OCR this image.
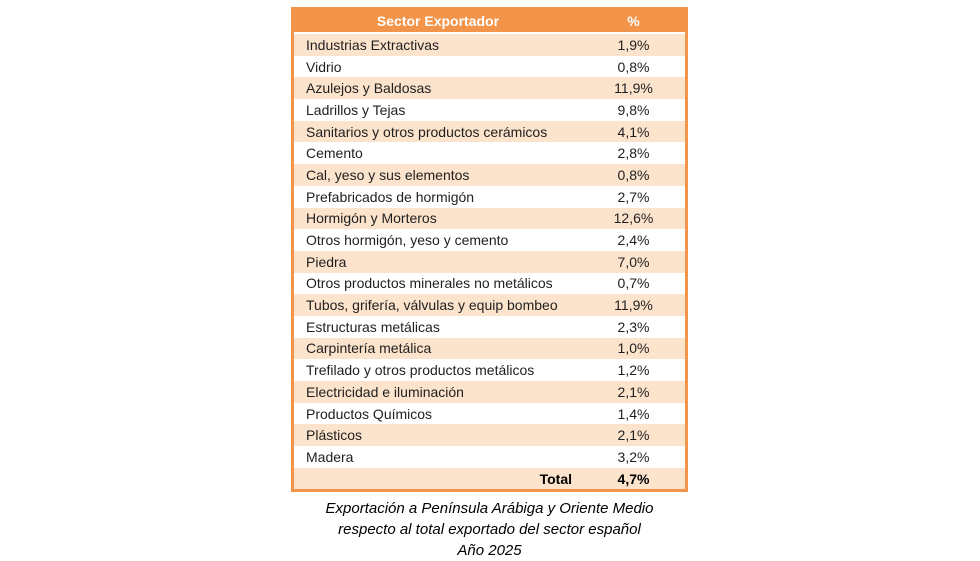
Sector Exportador	%
Industrias Extractivas	1,9%
Vidrio	0,8%
Azulejos y Baldosas	11,9%
Ladrillos y Tejas	9,8%
Sanitarios y otros productos cerámicos	4,1%
Cemento	2,8%
Cal, yeso y sus elementos	0,8%
Prefabricados de hormigón	2,7%
Hormigón y Morteros	12,6%
Otros hormigón, yeso y cemento	2,4%
Piedra	7,0%
Otros productos minerales no metálicos	0,7%
Tubos, grifería, válvulas y equip bombeo	11,9%
Estructuras metálicas	2,3%
Carpintería metálica	1,0%
Trefilado y otros productos metálicos	1,2%
Electricidad e iluminación	2,1%
Productos Químicos	1,4%
Plásticos	2,1%
Madera	3,2%
Total	4,7%
Exportación a Península Arábiga y Oriente Medio
respecto al total exportado del sector español
Año 2025
